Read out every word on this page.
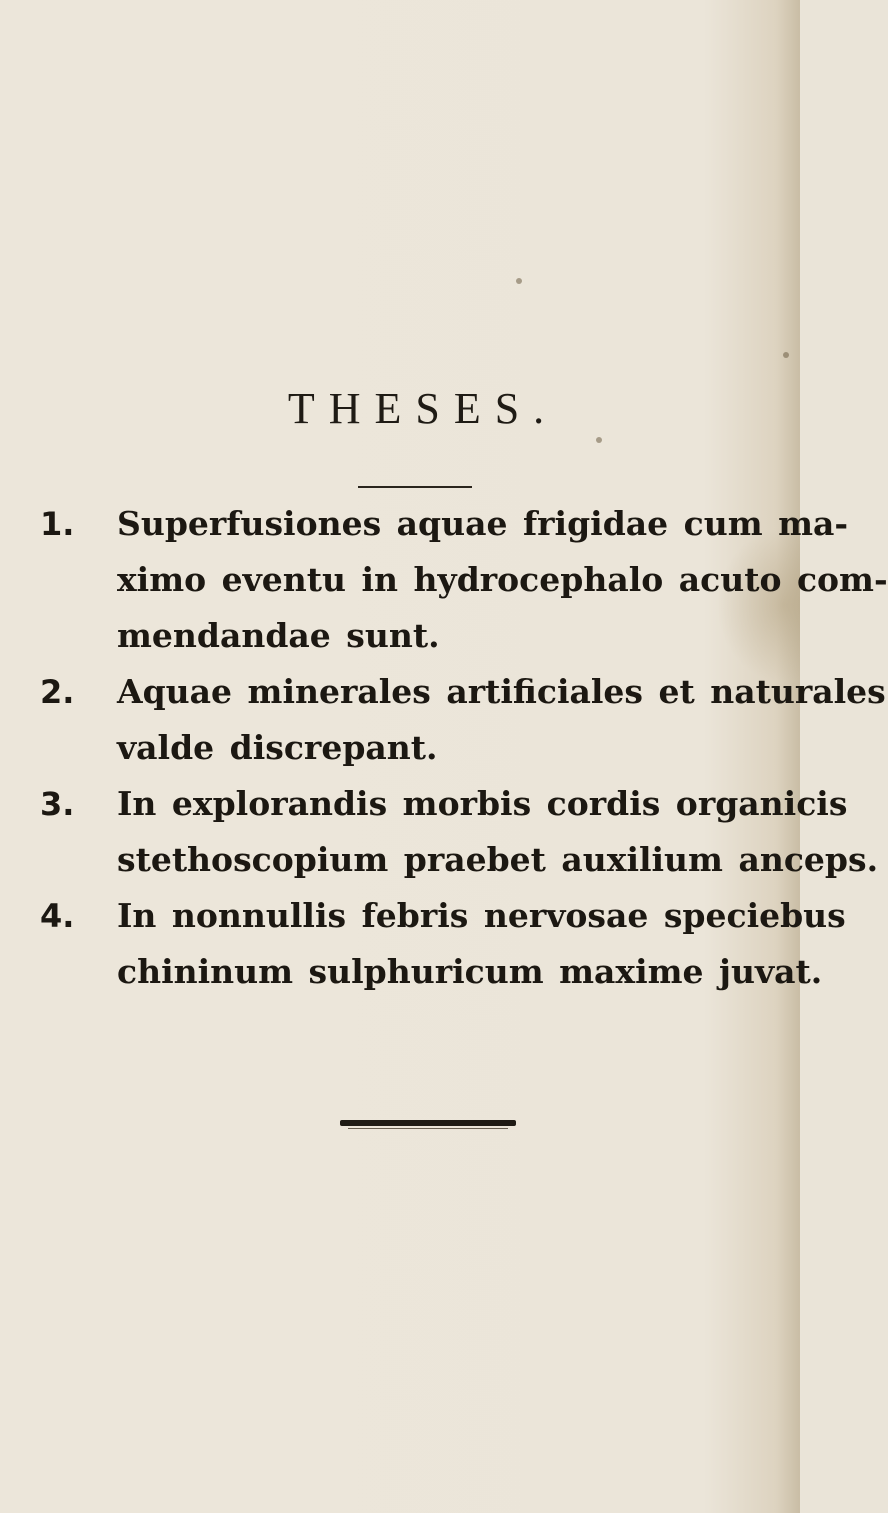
THESES.
1. Superfusiones aquae frigidae cum ma-
ximo eventu in hydrocephalo acuto com-
mendandae sunt.
2. Aquae minerales artificiales et naturales
valde discrepant.
3. In explorandis morbis cordis organicis
stethoscopium praebet auxilium anceps.
4. In nonnullis febris nervosae speciebus
chininum sulphuricum maxime juvat.
